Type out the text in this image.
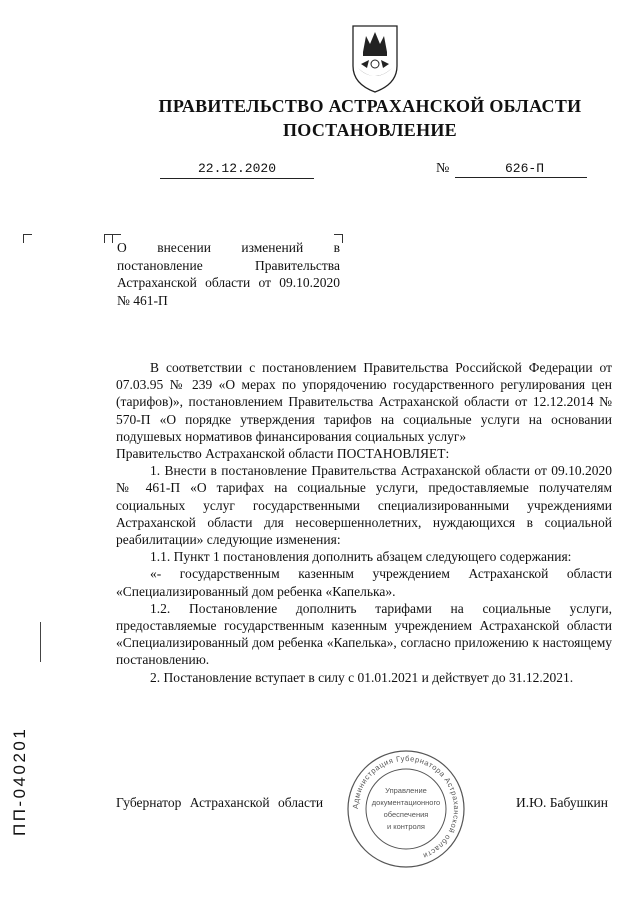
ПРАВИТЕЛЬСТВО АСТРАХАНСКОЙ ОБЛАСТИ
ПОСТАНОВЛЕНИЕ
22.12.2020	№	626-П
О внесении изменений в постановление Правительства Астраханской области от 09.10.2020 № 461-П

В соответствии с постановлением Правительства Российской Федерации от 07.03.95 № 239 «О мерах по упорядочению государственного регулирования цен (тарифов)», постановлением Правительства Астраханской области от 12.12.2014 № 570-П «О порядке утверждения тарифов на социальные услуги на основании подушевых нормативов финансирования социальных услуг»

Правительство Астраханской области ПОСТАНОВЛЯЕТ:

1. Внести в постановление Правительства Астраханской области от 09.10.2020 № 461-П «О тарифах на социальные услуги, предоставляемые получателям социальных услуг государственными специализированными учреждениями Астраханской области для несовершеннолетних, нуждающихся в социальной реабилитации» следующие изменения:

1.1. Пункт 1 постановления дополнить абзацем следующего содержания:

«- государственным казенным учреждением Астраханской области «Специализированный дом ребенка «Капелька».

1.2. Постановление дополнить тарифами на социальные услуги, предоставляемые государственным казенным учреждением Астраханской области «Специализированный дом ребенка «Капелька», согласно приложению к настоящему постановлению.

2. Постановление вступает в силу с 01.01.2021 и действует до 31.12.2021.

Губернатор Астраханской области	И.Ю. Бабушкин
Администрация Губернатора Астраханской области
Управление
документационного
обеспечения
и контроля
ПП-040201
